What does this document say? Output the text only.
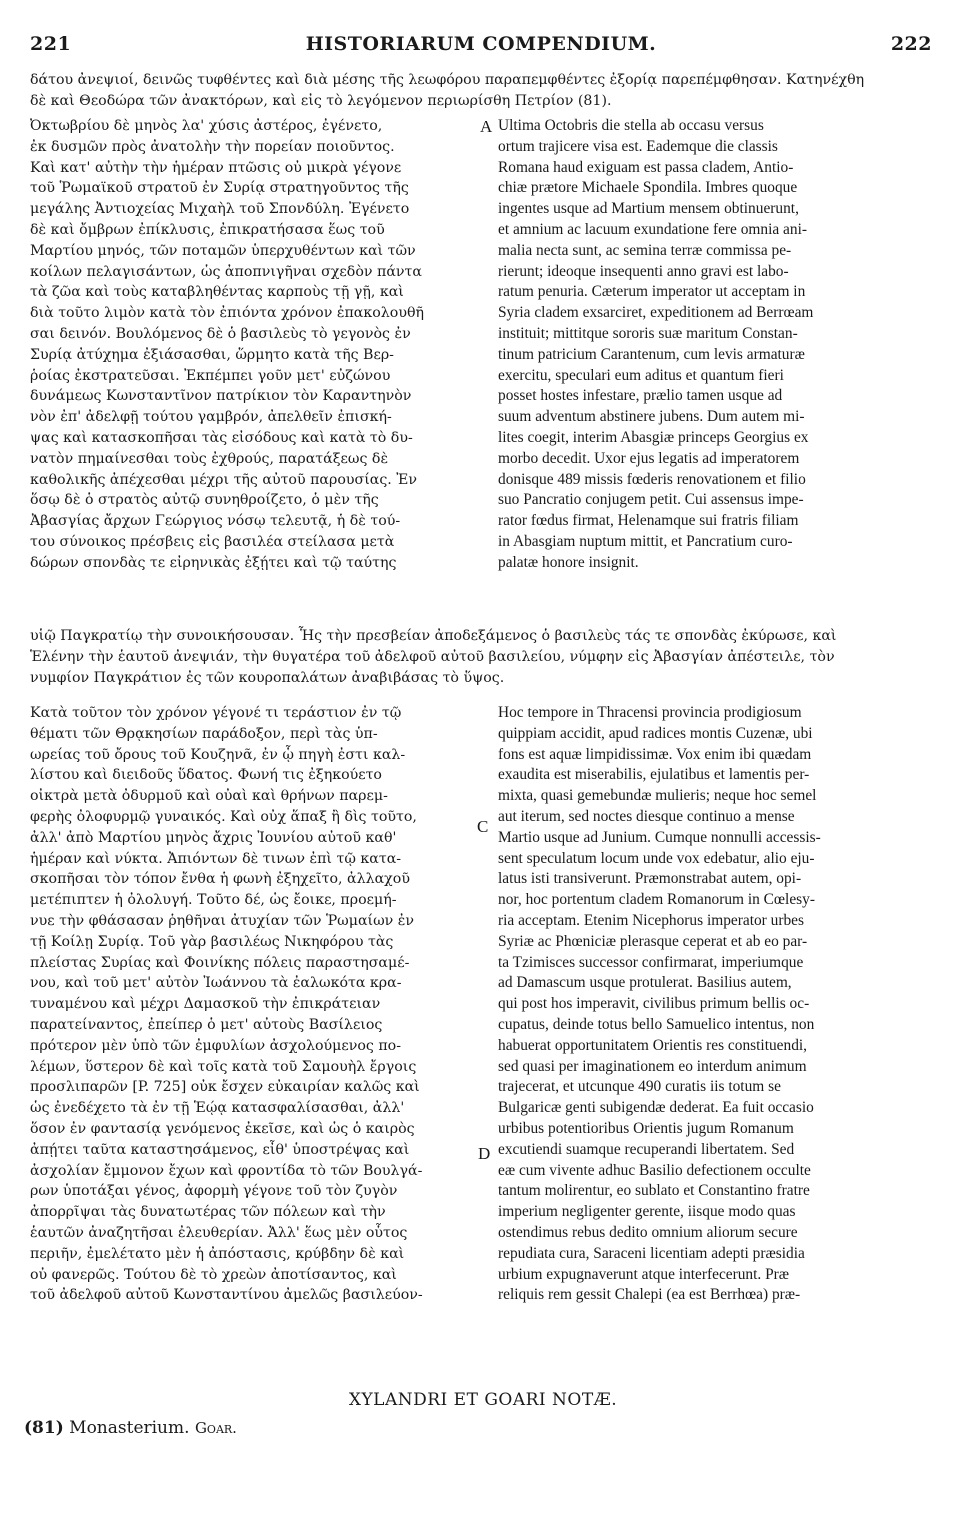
221	HISTORIARUM COMPENDIUM.	222
δάτου ἀνεψιοί, δεινῶς τυφθέντες καὶ διὰ μέσης τῆς λεωφόρου παραπεμφθέντες ἐξορίᾳ παρεπέμφθησαν. Κατηνέχθη
δὲ καὶ Θεοδώρα τῶν ἀνακτόρων, καὶ εἰς τὸ λεγόμενον περιωρίσθη Πετρίον (81).
Ὀκτωβρίου δὲ μηνὸς λα' χύσις ἀστέρος, ἐγένετο,
ἐκ δυσμῶν πρὸς ἀνατολὴν τὴν πορείαν ποιοῦντος.
Καὶ κατ' αὐτὴν τὴν ἡμέραν πτῶσις οὐ μικρὰ γέγονε
τοῦ Ῥωμαϊκοῦ στρατοῦ ἐν Συρίᾳ στρατηγοῦντος τῆς
μεγάλης Ἀντιοχείας Μιχαὴλ τοῦ Σπονδύλη. Ἐγένετο
δὲ καὶ ὄμβρων ἐπίκλυσις, ἐπικρατήσασα ἕως τοῦ
Μαρτίου μηνός, τῶν ποταμῶν ὑπερχυθέντων καὶ τῶν
κοίλων πελαγισάντων, ὡς ἀποπνιγῆναι σχεδὸν πάντα
τὰ ζῶα καὶ τοὺς καταβληθέντας καρποὺς τῇ γῇ, καὶ
διὰ τοῦτο λιμὸν κατὰ τὸν ἐπιόντα χρόνον ἐπακολουθῆ
σαι δεινόν. Βουλόμενος δὲ ὁ βασιλεὺς τὸ γεγονὸς ἐν
Συρίᾳ ἀτύχημα ἐξιάσασθαι, ὥρμητο κατὰ τῆς Βερ-
ῥοίας ἐκστρατεῦσαι. Ἐκπέμπει γοῦν μετ' εὐζώνου
δυνάμεως Κωνσταντῖνον πατρίκιον τὸν Καραντηνὸν
νὸν ἐπ' ἀδελφῇ τούτου γαμβρόν, ἀπελθεῖν ἐπισκή-
ψας καὶ κατασκοπῆσαι τὰς εἰσόδους καὶ κατὰ τὸ δυ-
νατὸν πημαίνεσθαι τοὺς ἐχθρούς, παρατάξεως δὲ
καθολικῆς ἀπέχεσθαι μέχρι τῆς αὐτοῦ παρουσίας. Ἐν
ὅσῳ δὲ ὁ στρατὸς αὐτῷ συνηθροίζετο, ὁ μὲν τῆς
Ἀβασγίας ἄρχων Γεώργιος νόσῳ τελευτᾷ, ἡ δὲ τού-
του σύνοικος πρέσβεις εἰς βασιλέα στείλασα μετὰ
δώρων σπονδὰς τε εἰρηνικὰς ἐξῄτει καὶ τῷ ταύτης
A Ultima Octobris die stella ab occasu versus
ortum trajicere visa est. Eademque die classis
Romana haud exiguam est passa cladem, Antio-
chiæ prætore Michaele Spondila. Imbres quoque
ingentes usque ad Martium mensem obtinuerunt,
et amnium ac lacuum exundatione fere omnia ani-
malia necta sunt, ac semina terræ commissa pe-
rierunt; ideoque insequenti anno gravi est labo-
ratum penuria. Cæterum imperator ut acceptam in
Syria cladem exsarciret, expeditionem ad Berrœam
instituit; mittitque sororis suæ maritum Constan-
tinum patricium Carantenum, cum levis armaturæ
exercitu, speculari eum aditus et quantum fieri
posset hostes infestare, prælio tamen usque ad
suum adventum abstinere jubens. Dum autem mi-
lites coegit, interim Abasgiæ princeps Georgius ex
morbo decedit. Uxor ejus legatis ad imperatorem
donisque 489 missis fœderis renovationem et filio
suo Pancratio conjugem petit. Cui assensus impe-
rator fœdus firmat, Helenamque sui fratris filiam
in Abasgiam nuptum mittit, et Pancratium curo-
palatæ honore insignit.
υἱῷ Παγκρατίῳ τὴν συνοικήσουσαν. Ἧς τὴν πρεσβείαν ἀποδεξάμενος ὁ βασιλεὺς τάς τε σπονδὰς ἐκύρωσε, καὶ
Ἑλένην τὴν ἑαυτοῦ ἀνεψιάν, τὴν θυγατέρα τοῦ ἀδελφοῦ αὐτοῦ βασιλείου, νύμφην εἰς Ἀβασγίαν ἀπέστειλε, τὸν
νυμφίον Παγκράτιον ἐς τῶν κουροπαλάτων ἀναβιβάσας τὸ ὕψος.
Κατὰ τοῦτον τὸν χρόνον γέγονέ τι τεράστιον ἐν τῷ
θέματι τῶν Θρᾳκησίων παράδοξον, περὶ τὰς ὑπ-
ωρείας τοῦ ὄρους τοῦ Κουζηνᾶ, ἐν ᾧ πηγὴ ἐστι καλ-
λίστου καὶ διειδοῦς ὕδατος. Φωνή τις ἐξηκούετο
οἰκτρὰ μετὰ ὀδυρμοῦ καὶ οὐαὶ καὶ θρήνων παρεμ-
φερὴς ὀλοφυρμῷ γυναικός. Καὶ οὐχ ἅπαξ ἢ δὶς τοῦτο,
ἀλλ' ἀπὸ Μαρτίου μηνὸς ἄχρις Ἰουνίου αὐτοῦ καθ'
ἡμέραν καὶ νύκτα. Ἀπιόντων δὲ τινων ἐπὶ τῷ κατα-
σκοπῆσαι τὸν τόπον ἔνθα ἡ φωνὴ ἐξηχεῖτο, ἀλλαχοῦ
μετέπιπτεν ἡ ὀλολυγή. Τοῦτο δέ, ὡς ἔοικε, προεμή-
νυε τὴν φθάσασαν ῥηθῆναι ἀτυχίαν τῶν Ῥωμαίων ἐν
τῇ Κοίλῃ Συρίᾳ. Τοῦ γὰρ βασιλέως Νικηφόρου τὰς
πλείστας Συρίας καὶ Φοινίκης πόλεις παραστησαμέ-
νου, καὶ τοῦ μετ' αὐτὸν Ἰωάννου τὰ ἐαλωκότα κρα-
τυναμένου καὶ μέχρι Δαμασκοῦ τὴν ἐπικράτειαν
παρατείναντος, ἐπείπερ ὁ μετ' αὐτοὺς Βασίλειος
πρότερον μὲν ὑπὸ τῶν ἐμφυλίων ἀσχολούμενος πο-
λέμων, ὕστερον δὲ καὶ τοῖς κατὰ τοῦ Σαμουὴλ ἔργοις
προσλιπαρῶν [P. 725] οὐκ ἔσχεν εὐκαιρίαν καλῶς καὶ
ὡς ἐνεδέχετο τὰ ἐν τῇ Ἑῴᾳ κατασφαλίσασθαι, ἀλλ'
ὅσον ἐν φαντασίᾳ γενόμενος ἐκεῖσε, καὶ ὡς ὁ καιρὸς
ἀπῄτει ταῦτα καταστησάμενος, εἶθ' ὑποστρέψας καὶ
ἀσχολίαν ἔμμονον ἔχων καὶ φροντίδα τὸ τῶν Βουλγά-
ρων ὑποτάξαι γένος, ἀφορμὴ γέγονε τοῦ τὸν ζυγὸν
ἀπορρῖψαι τὰς δυνατωτέρας τῶν πόλεων καὶ τὴν
ἑαυτῶν ἀναζητῆσαι ἐλευθερίαν. Ἀλλ' ἕως μὲν οὗτος
περιῆν, ἐμελέτατο μὲν ἡ ἀπόστασις, κρύβδην δὲ καὶ
οὐ φανερῶς. Τούτου δὲ τὸ χρεὼν ἀποτίσαντος, καὶ
τοῦ ἀδελφοῦ αὐτοῦ Κωνσταντίνου ἀμελῶς βασιλεύον-
C
D
Hoc tempore in Thracensi provincia prodigiosum
quippiam accidit, apud radices montis Cuzenæ, ubi
fons est aquæ limpidissimæ. Vox enim ibi quædam
exaudita est miserabilis, ejulatibus et lamentis per-
mixta, quasi gemebundæ mulieris; neque hoc semel
aut iterum, sed noctes diesque continuo a mense
Martio usque ad Junium. Cumque nonnulli accessis-
sent speculatum locum unde vox edebatur, alio eju-
latus isti transiverunt. Præmonstrabat autem, opi-
nor, hoc portentum cladem Romanorum in Cœlesy-
ria acceptam. Etenim Nicephorus imperator urbes
Syriæ ac Phœniciæ plerasque ceperat et ab eo par-
ta Tzimisces successor confirmarat, imperiumque
ad Damascum usque protulerat. Basilius autem,
qui post hos imperavit, civilibus primum bellis oc-
cupatus, deinde totus bello Samuelico intentus, non
habuerat opportunitatem Orientis res constituendi,
sed quasi per imaginationem eo interdum animum
trajecerat, et utcunque 490 curatis iis totum se
Bulgaricæ genti subigendæ dederat. Ea fuit occasio
urbibus potentioribus Orientis jugum Romanum
excutiendi suamque recuperandi libertatem. Sed
eæ cum vivente adhuc Basilio defectionem occulte
tantum molirentur, eo sublato et Constantino fratre
imperium negligenter gerente, iisque modo quas
ostendimus rebus dedito omnium aliorum secure
repudiata cura, Saraceni licentiam adepti præsidia
urbium expugnaverunt atque interfecerunt. Præ
reliquis rem gessit Chalepi (ea est Berrhœa) præ-
XYLANDRI ET GOARI NOTÆ.
(81) Monasterium. Goar.
